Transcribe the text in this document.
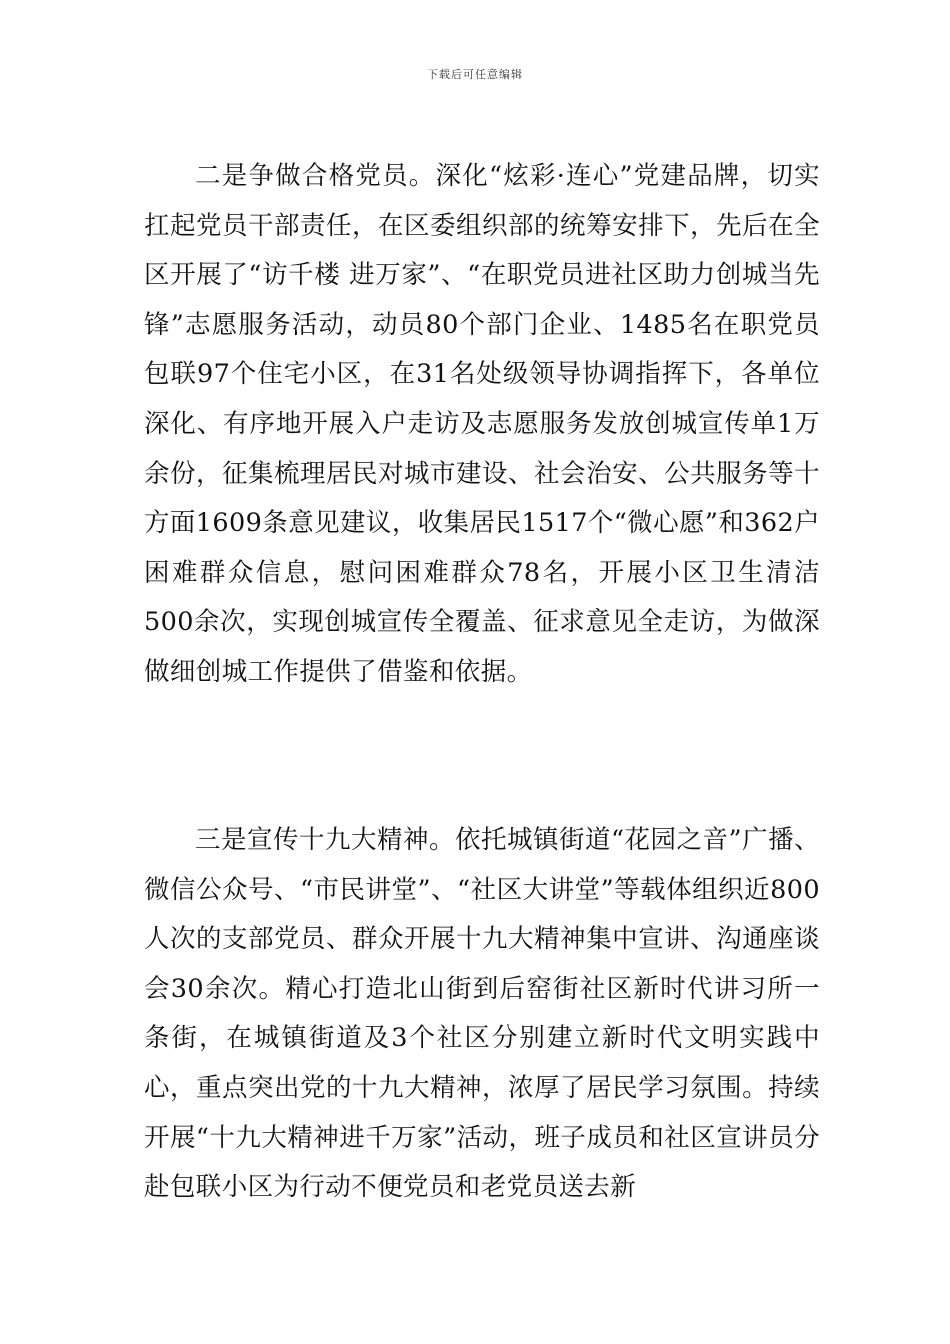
下载后可任意编辑

二是争做合格党员。深化“炫彩·连心”党建品牌，切实扛起党员干部责任，在区委组织部的统筹安排下，先后在全区开展了“访千楼 进万家”、“在职党员进社区助力创城当先锋”志愿服务活动，动员80个部门企业、1485名在职党员包联97个住宅小区，在31名处级领导协调指挥下，各单位深化、有序地开展入户走访及志愿服务发放创城宣传单1万余份，征集梳理居民对城市建设、社会治安、公共服务等十方面1609条意见建议，收集居民1517个“微心愿”和362户困难群众信息，慰问困难群众78名，开展小区卫生清洁500余次，实现创城宣传全覆盖、征求意见全走访，为做深做细创城工作提供了借鉴和依据。

三是宣传十九大精神。依托城镇街道“花园之音”广播、微信公众号、“市民讲堂”、“社区大讲堂”等载体组织近800人次的支部党员、群众开展十九大精神集中宣讲、沟通座谈会30余次。精心打造北山街到后窑街社区新时代讲习所一条街，在城镇街道及3个社区分别建立新时代文明实践中心，重点突出党的十九大精神，浓厚了居民学习氛围。持续开展“十九大精神进千万家”活动，班子成员和社区宣讲员分赴包联小区为行动不便党员和老党员送去新
